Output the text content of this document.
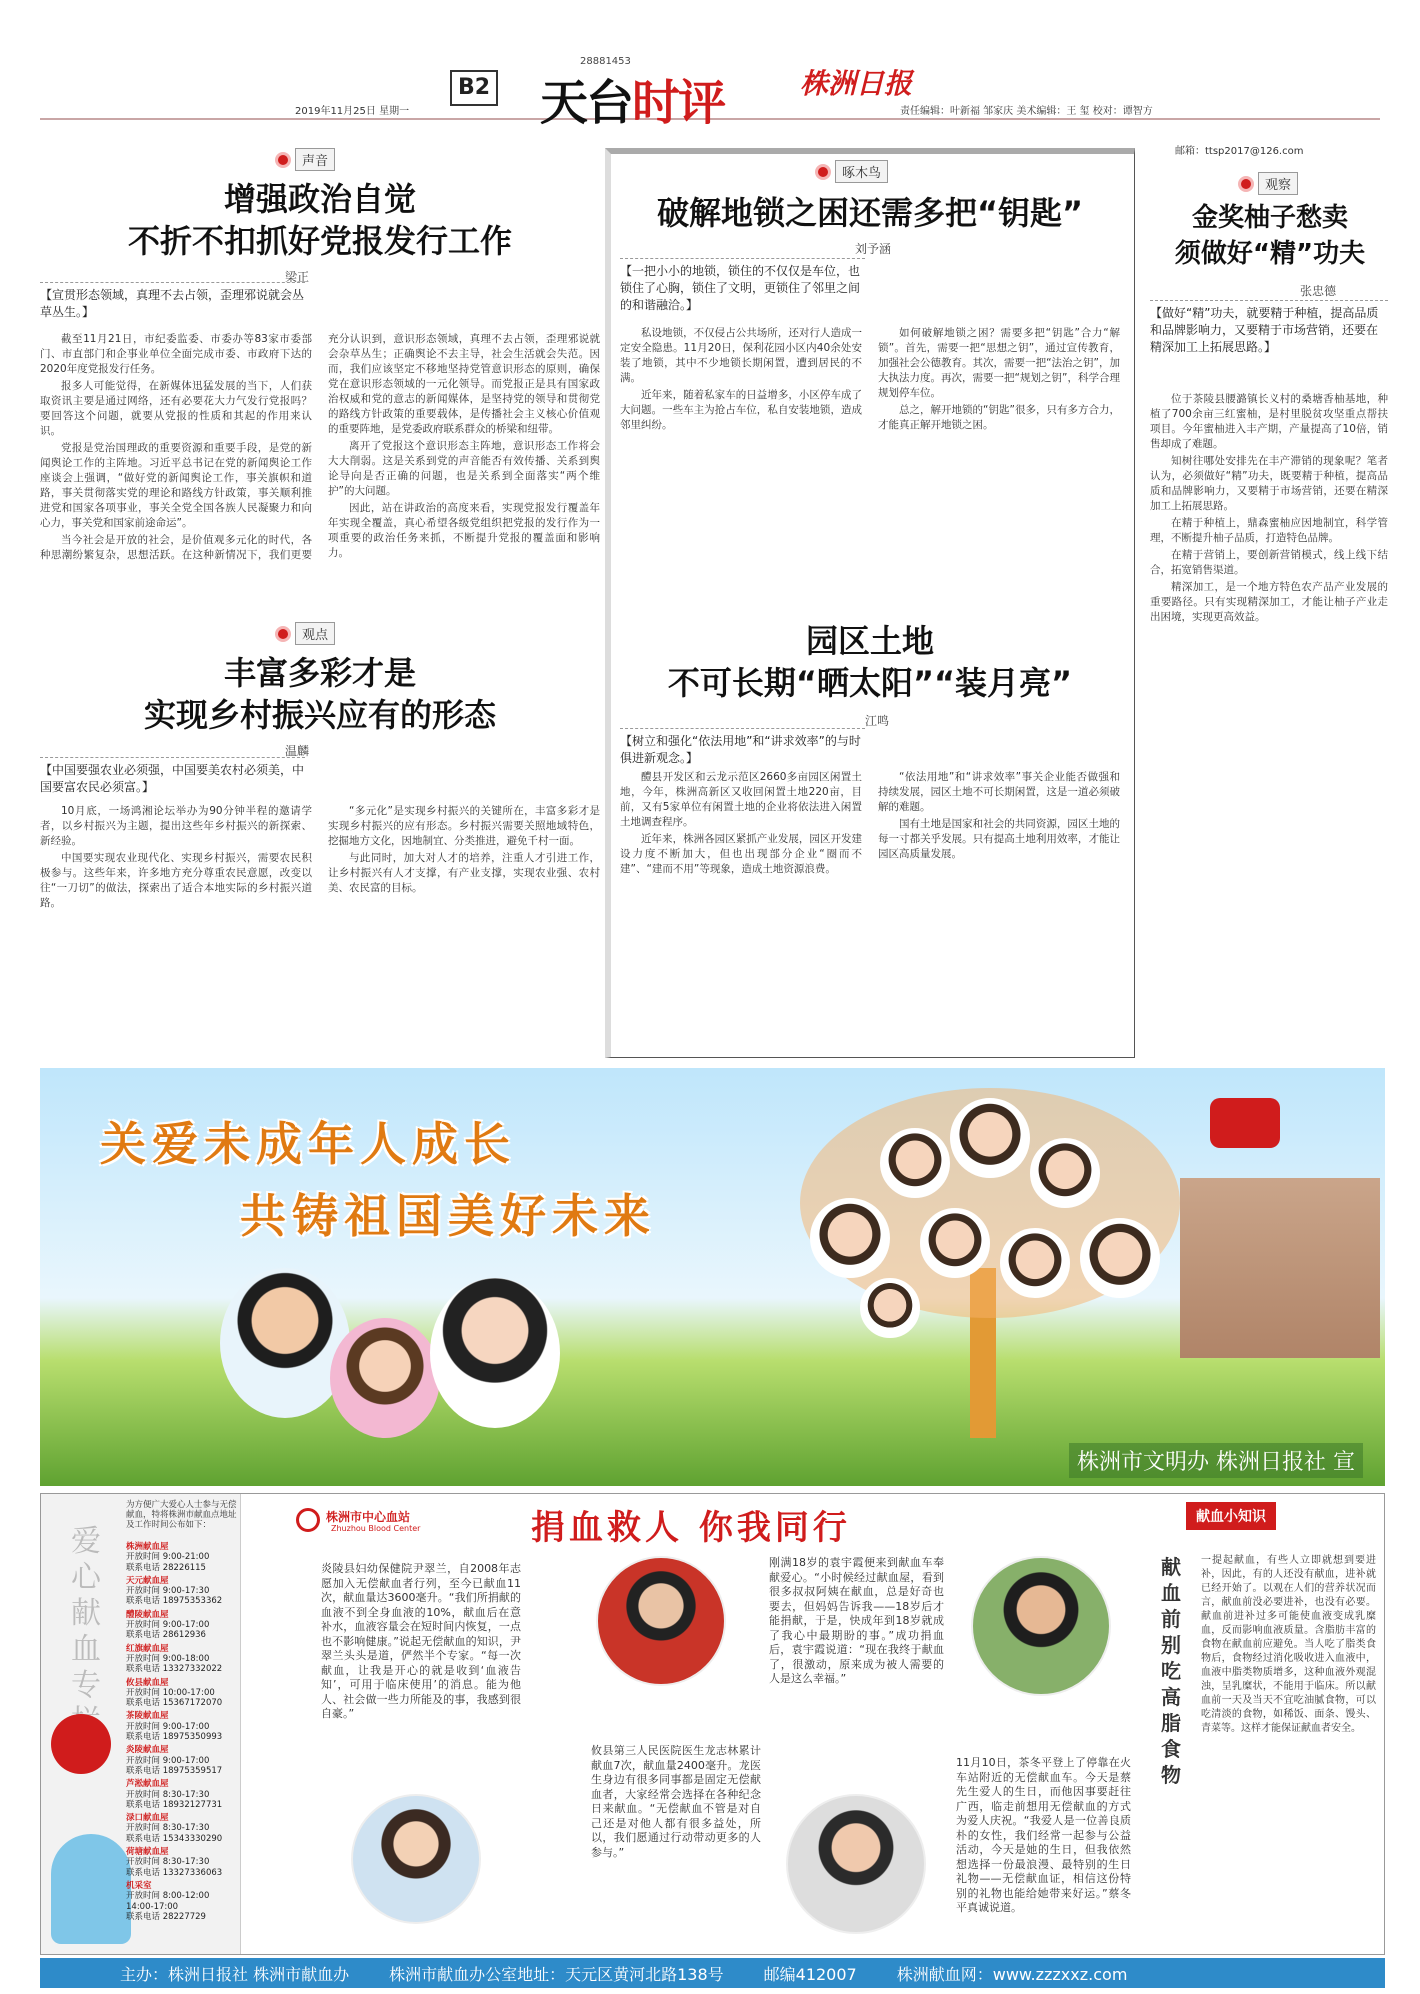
2019年11月25日 星期一
B2
28881453
天台时评	株洲日报
责任编辑：叶新福 邹家庆 美术编辑：王 玺 校对：谭智方
声音
增强政治自觉
不折不扣抓好党报发行工作
梁正
【宣贯形态领域，真理不去占领，歪理邪说就会丛草丛生。】

截至11月21日，市纪委监委、市委办等83家市委部门、市直部门和企事业单位全面完成市委、市政府下达的2020年度党报发行任务。

报多人可能觉得，在新媒体迅猛发展的当下，人们获取资讯主要是通过网络，还有必要花大力气发行党报吗？要回答这个问题，就要从党报的性质和其起的作用来认识。

党报是党治国理政的重要资源和重要手段，是党的新闻舆论工作的主阵地。习近平总书记在党的新闻舆论工作座谈会上强调，“做好党的新闻舆论工作，事关旗帜和道路，事关贯彻落实党的理论和路线方针政策，事关顺利推进党和国家各项事业，事关全党全国各族人民凝聚力和向心力，事关党和国家前途命运”。

当今社会是开放的社会，是价值观多元化的时代，各种思潮纷繁复杂，思想活跃。在这种新情况下，我们更要充分认识到，意识形态领域，真理不去占领，歪理邪说就会杂草丛生；正确舆论不去主导，社会生活就会失范。因而，我们应该坚定不移地坚持党管意识形态的原则，确保党在意识形态领域的一元化领导。而党报正是具有国家政治权威和党的意志的新闻媒体，是坚持党的领导和贯彻党的路线方针政策的重要载体，是传播社会主义核心价值观的重要阵地，是党委政府联系群众的桥梁和纽带。

离开了党报这个意识形态主阵地，意识形态工作将会大大削弱。这是关系到党的声音能否有效传播、关系到舆论导向是否正确的问题，也是关系到全面落实“两个维护”的大问题。

因此，站在讲政治的高度来看，实现党报发行覆盖年年实现全覆盖，真心希望各级党组织把党报的发行作为一项重要的政治任务来抓，不断提升党报的覆盖面和影响力。

观点
丰富多彩才是
实现乡村振兴应有的形态
温麟
【中国要强农业必须强，中国要美农村必须美，中国要富农民必须富。】

10月底，一场鸿湘论坛举办为90分钟半程的邀请学者，以乡村振兴为主题，提出这些年乡村振兴的新探索、新经验。

中国要实现农业现代化、实现乡村振兴，需要农民积极参与。这些年来，许多地方充分尊重农民意愿，改变以往“一刀切”的做法，探索出了适合本地实际的乡村振兴道路。

“多元化”是实现乡村振兴的关键所在，丰富多彩才是实现乡村振兴的应有形态。乡村振兴需要关照地域特色，挖掘地方文化，因地制宜、分类推进，避免千村一面。

与此同时，加大对人才的培养，注重人才引进工作，让乡村振兴有人才支撑，有产业支撑，实现农业强、农村美、农民富的目标。

啄木鸟
破解地锁之困还需多把“钥匙”
刘予涵
【一把小小的地锁，锁住的不仅仅是车位，也锁住了心胸，锁住了文明，更锁住了邻里之间的和谐融洽。】

私设地锁，不仅侵占公共场所，还对行人造成一定安全隐患。11月20日，保利花园小区内40余处安装了地锁，其中不少地锁长期闲置，遭到居民的不满。

近年来，随着私家车的日益增多，小区停车成了大问题。一些车主为抢占车位，私自安装地锁，造成邻里纠纷。

如何破解地锁之困？需要多把“钥匙”合力“解锁”。首先，需要一把“思想之钥”，通过宣传教育，加强社会公德教育。其次，需要一把“法治之钥”，加大执法力度。再次，需要一把“规划之钥”，科学合理规划停车位。

总之，解开地锁的“钥匙”很多，只有多方合力，才能真正解开地锁之困。

园区土地
不可长期“晒太阳”“装月亮”
江鸣
【树立和强化“依法用地”和“讲求效率”的与时俱进新观念。】

醴县开发区和云龙示范区2660多亩园区闲置土地，今年，株洲高新区又收回闲置土地220亩，目前，又有5家单位有闲置土地的企业将依法进入闲置土地调查程序。

近年来，株洲各园区紧抓产业发展，园区开发建设力度不断加大，但也出现部分企业“圈而不建”、“建而不用”等现象，造成土地资源浪费。

“依法用地”和“讲求效率”事关企业能否做强和持续发展，园区土地不可长期闲置，这是一道必须破解的难题。

国有土地是国家和社会的共同资源，园区土地的每一寸都关乎发展。只有提高土地利用效率，才能让园区高质量发展。

邮箱：ttsp2017@126.com
观察
金奖柚子愁卖
须做好“精”功夫
张忠德
【做好“精”功夫，就要精于种植，提高品质和品牌影响力，又要精于市场营销，还要在精深加工上拓展思路。】

位于茶陵县腰潞镇长义村的桑塘香柚基地，种植了700余亩三红蜜柚，是村里脱贫攻坚重点帮扶项目。今年蜜柚进入丰产期，产量提高了10倍，销售却成了难题。

知树往哪处安排先在丰产滞销的现象呢？笔者认为，必须做好“精”功夫，既要精于种植，提高品质和品牌影响力，又要精于市场营销，还要在精深加工上拓展思路。

在精于种植上，鼎森蜜柚应因地制宜，科学管理，不断提升柚子品质，打造特色品牌。

在精于营销上，要创新营销模式，线上线下结合，拓宽销售渠道。

精深加工，是一个地方特色农产品产业发展的重要路径。只有实现精深加工，才能让柚子产业走出困境，实现更高效益。

关爱未成年人成长
共铸祖国美好未来
株洲市文明办 株洲日报社 宣
爱心献血专
为方便广大爱心人士参与无偿献血，特将株洲市献血点地址及工作时间公布如下：
株洲献血屋
开放时间 9:00-21:00
联系电话 28226115
天元献血屋
开放时间 9:00-17:30
联系电话 18975353362
醴陵献血屋
开放时间 9:00-17:00
联系电话 28612936
红旗献血屋
开放时间 9:00-18:00
联系电话 13327332022
攸县献血屋
开放时间 10:00-17:00
联系电话 15367172070
茶陵献血屋
开放时间 9:00-17:00
联系电话 18975350993
炎陵献血屋
开放时间 9:00-17:00
联系电话 18975359517
芦淞献血屋
开放时间 8:30-17:30
联系电话 18932127731
渌口献血屋
开放时间 8:30-17:30
联系电话 15343330290
荷塘献血屋
开放时间 8:30-17:30
联系电话 13327336063
机采室
开放时间 8:00-12:00 14:00-17:00
联系电话 28227729
株洲市中心血站
Zhuzhou Blood Center	捐血救人 你我同行
炎陵县妇幼保健院尹翠兰，自2008年志愿加入无偿献血者行列，至今已献血11次，献血量达3600毫升。“我们所捐献的血液不到全身血液的10%，献血后在意补水，血液容量会在短时间内恢复，一点也不影响健康。”说起无偿献血的知识，尹翠兰头头是道，俨然半个专家。“每一次献血，让我是开心的就是收到‘血液告知’，可用于临床使用’的消息。能为他人、社会做一些力所能及的事，我感到很自豪。”
攸县第三人民医院医生龙志林累计献血7次，献血量2400毫升。龙医生身边有很多同事都是固定无偿献血者，大家经常会选择在各种纪念日来献血。“无偿献血不管是对自己还是对他人都有很多益处，所以，我们愿通过行动带动更多的人参与。”
刚满18岁的袁宇霞便来到献血车奉献爱心。“小时候经过献血屋，看到很多叔叔阿姨在献血，总是好奇也要去，但妈妈告诉我——18岁后才能捐献，于是，快成年到18岁就成了我心中最期盼的事。”成功捐血后，袁宇霞说道：“现在我终于献血了，很激动，原来成为被人需要的人是这么幸福。”
11月10日，茶冬平登上了停靠在火车站附近的无偿献血车。今天是蔡先生爱人的生日，而他因事要赶往广西，临走前想用无偿献血的方式为爱人庆祝。“我爱人是一位善良质朴的女性，我们经常一起参与公益活动，今天是她的生日，但我依然想选择一份最浪漫、最特别的生日礼物——无偿献血证，相信这份特别的礼物也能给她带来好运。”蔡冬平真诚说道。
献血小知识
献血前别吃高脂食物
一提起献血，有些人立即就想到要进补，因此，有的人还没有献血，进补就已经开始了。以观在人们的营养状况而言，献血前没必要进补，也没有必要。献血前进补过多可能使血液变成乳糜血，反而影响血液质量。含脂肪丰富的食物在献血前应避免。当人吃了脂类食物后，食物经过消化吸收进入血液中，血液中脂类物质增多，这种血液外观混浊，呈乳糜状，不能用于临床。所以献血前一天及当天不宜吃油腻食物，可以吃清淡的食物，如稀饭、面条、馒头、青菜等。这样才能保证献血者安全。
主办：株洲日报社 株洲市献血办	株洲市献血办公室地址：天元区黄河北路138号	邮编412007	株洲献血网：www.zzzxxz.com
